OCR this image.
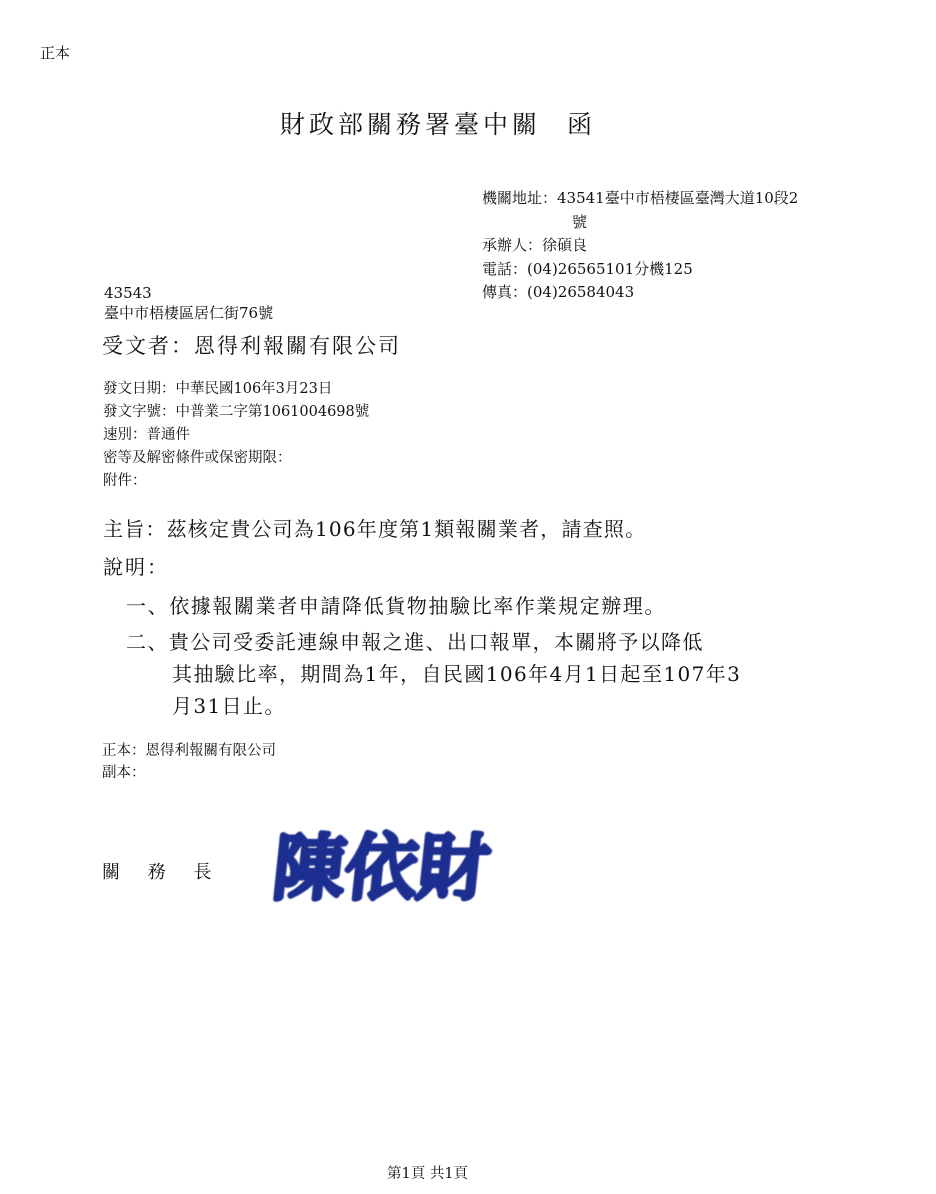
正本
財政部關務署臺中關 函
機關地址：43541臺中市梧棲區臺灣大道10段2
號
承辦人：徐碩良
電話：(04)26565101分機125
傳真：(04)26584043
43543
臺中市梧棲區居仁街76號
受文者：恩得利報關有限公司
發文日期：中華民國106年3月23日
發文字號：中普業二字第1061004698號
速別：普通件
密等及解密條件或保密期限：
附件：
主旨：茲核定貴公司為106年度第1類報關業者，請查照。
說明：
一、依據報關業者申請降低貨物抽驗比率作業規定辦理。
二、貴公司受委託連線申報之進、出口報單，本關將予以降低
其抽驗比率，期間為1年，自民國106年4月1日起至107年3
月31日止。
正本：恩得利報關有限公司
副本：
關 務 長 陳依財
第1頁 共1頁
